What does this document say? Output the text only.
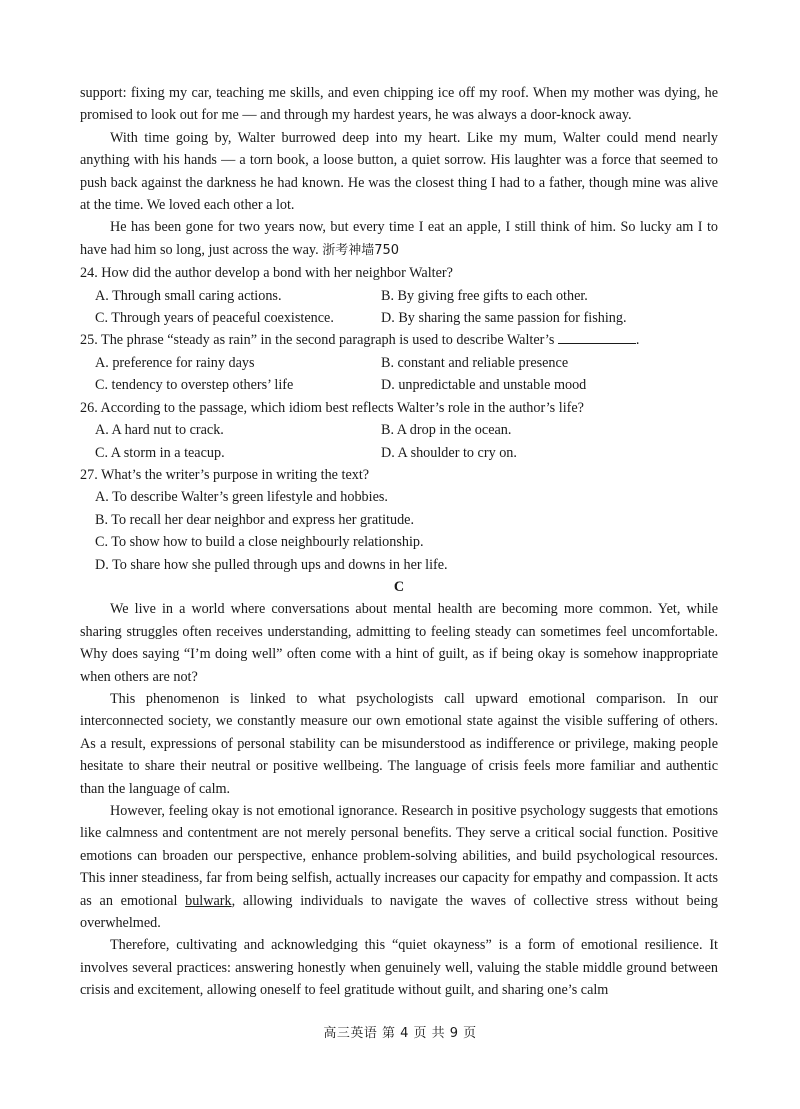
support: fixing my car, teaching me skills, and even chipping ice off my roof. When my mother was dying, he promised to look out for me — and through my hardest years, he was always a door-knock away.

With time going by, Walter burrowed deep into my heart. Like my mum, Walter could mend nearly anything with his hands — a torn book, a loose button, a quiet sorrow. His laughter was a force that seemed to push back against the darkness he had known. He was the closest thing I had to a father, though mine was alive at the time. We loved each other a lot.

He has been gone for two years now, but every time I eat an apple, I still think of him. So lucky am I to have had him so long, just across the way. 浙考神墙750

24. How did the author develop a bond with her neighbor Walter?

A. Through small caring actions.	B. By giving free gifts to each other.
C. Through years of peaceful coexistence.	D. By sharing the same passion for fishing.

25. The phrase “steady as rain” in the second paragraph is used to describe Walter’s	.

A. preference for rainy days	B. constant and reliable presence
C. tendency to overstep others’ life	D. unpredictable and unstable mood

26. According to the passage, which idiom best reflects Walter’s role in the author’s life?

A. A hard nut to crack.	B. A drop in the ocean.
C. A storm in a teacup.	D. A shoulder to cry on.

27. What’s the writer’s purpose in writing the text?

A. To describe Walter’s green lifestyle and hobbies.
B. To recall her dear neighbor and express her gratitude.
C. To show how to build a close neighbourly relationship.
D. To share how she pulled through ups and downs in her life.

C

We live in a world where conversations about mental health are becoming more common. Yet, while sharing struggles often receives understanding, admitting to feeling steady can sometimes feel uncomfortable. Why does saying “I’m doing well” often come with a hint of guilt, as if being okay is somehow inappropriate when others are not?

This phenomenon is linked to what psychologists call upward emotional comparison. In our interconnected society, we constantly measure our own emotional state against the visible suffering of others. As a result, expressions of personal stability can be misunderstood as indifference or privilege, making people hesitate to share their neutral or positive wellbeing. The language of crisis feels more familiar and authentic than the language of calm.

However, feeling okay is not emotional ignorance. Research in positive psychology suggests that emotions like calmness and contentment are not merely personal benefits. They serve a critical social function. Positive emotions can broaden our perspective, enhance problem-solving abilities, and build psychological resources. This inner steadiness, far from being selfish, actually increases our capacity for empathy and compassion. It acts as an emotional bulwark, allowing individuals to navigate the waves of collective stress without being overwhelmed.

Therefore, cultivating and acknowledging this “quiet okayness” is a form of emotional resilience. It involves several practices: answering honestly when genuinely well, valuing the stable middle ground between crisis and excitement, allowing oneself to feel gratitude without guilt, and sharing one’s calm

高三英语 第 4 页 共 9 页
